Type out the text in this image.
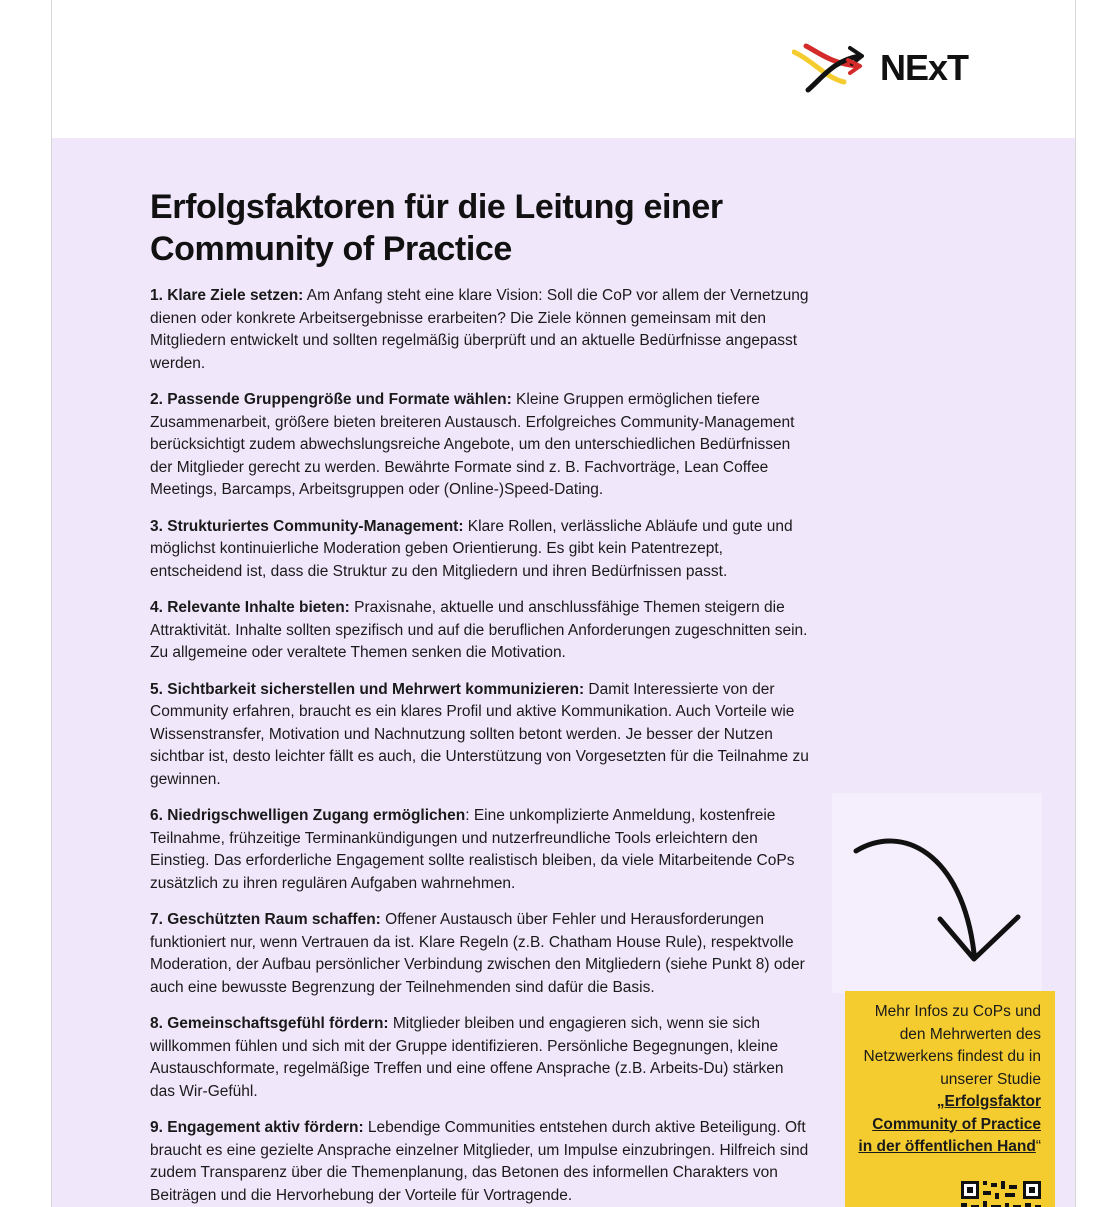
NExT
Erfolgsfaktoren für die Leitung einer Community of Practice

1. Klare Ziele setzen: Am Anfang steht eine klare Vision: Soll die CoP vor allem der Vernetzung dienen oder konkrete Arbeitsergebnisse erarbeiten? Die Ziele können gemeinsam mit den Mitgliedern entwickelt und sollten regelmäßig überprüft und an aktuelle Bedürfnisse angepasst werden.

2. Passende Gruppengröße und Formate wählen: Kleine Gruppen ermöglichen tiefere Zusammenarbeit, größere bieten breiteren Austausch. Erfolgreiches Community-Management berücksichtigt zudem abwechslungsreiche Angebote, um den unterschiedlichen Bedürfnissen der Mitglieder gerecht zu werden. Bewährte Formate sind z. B. Fachvorträge, Lean Coffee Meetings, Barcamps, Arbeitsgruppen oder (Online-)Speed-Dating.

3. Strukturiertes Community-Management: Klare Rollen, verlässliche Abläufe und gute und möglichst kontinuierliche Moderation geben Orientierung. Es gibt kein Patentrezept, entscheidend ist, dass die Struktur zu den Mitgliedern und ihren Bedürfnissen passt.

4. Relevante Inhalte bieten: Praxisnahe, aktuelle und anschlussfähige Themen steigern die Attraktivität. Inhalte sollten spezifisch und auf die beruflichen Anforderungen zugeschnitten sein. Zu allgemeine oder veraltete Themen senken die Motivation.

5. Sichtbarkeit sicherstellen und Mehrwert kommunizieren: Damit Interessierte von der Community erfahren, braucht es ein klares Profil und aktive Kommunikation. Auch Vorteile wie Wissenstransfer, Motivation und Nachnutzung sollten betont werden. Je besser der Nutzen sichtbar ist, desto leichter fällt es auch, die Unterstützung von Vorgesetzten für die Teilnahme zu gewinnen.

6. Niedrigschwelligen Zugang ermöglichen: Eine unkomplizierte Anmeldung, kostenfreie Teilnahme, frühzeitige Terminankündigungen und nutzerfreundliche Tools erleichtern den Einstieg. Das erforderliche Engagement sollte realistisch bleiben, da viele Mitarbeitende CoPs zusätzlich zu ihren regulären Aufgaben wahrnehmen.

7. Geschützten Raum schaffen: Offener Austausch über Fehler und Herausforderungen funktioniert nur, wenn Vertrauen da ist. Klare Regeln (z.B. Chatham House Rule), respektvolle Moderation, der Aufbau persönlicher Verbindung zwischen den Mitgliedern (siehe Punkt 8) oder auch eine bewusste Begrenzung der Teilnehmenden sind dafür die Basis.

8. Gemeinschaftsgefühl fördern: Mitglieder bleiben und engagieren sich, wenn sie sich willkommen fühlen und sich mit der Gruppe identifizieren. Persönliche Begegnungen, kleine Austauschformate, regelmäßige Treffen und eine offene Ansprache (z.B. Arbeits-Du) stärken das Wir-Gefühl.

9. Engagement aktiv fördern: Lebendige Communities entstehen durch aktive Beteiligung. Oft braucht es eine gezielte Ansprache einzelner Mitglieder, um Impulse einzubringen. Hilfreich sind zudem Transparenz über die Themenplanung, das Betonen des informellen Charakters von Beiträgen und die Hervorhebung der Vorteile für Vortragende.

Mehr Infos zu CoPs und den Mehrwerten des Netzwerkens findest du in unserer Studie „Erfolgsfaktor Community of Practice in der öffentlichen Hand“
